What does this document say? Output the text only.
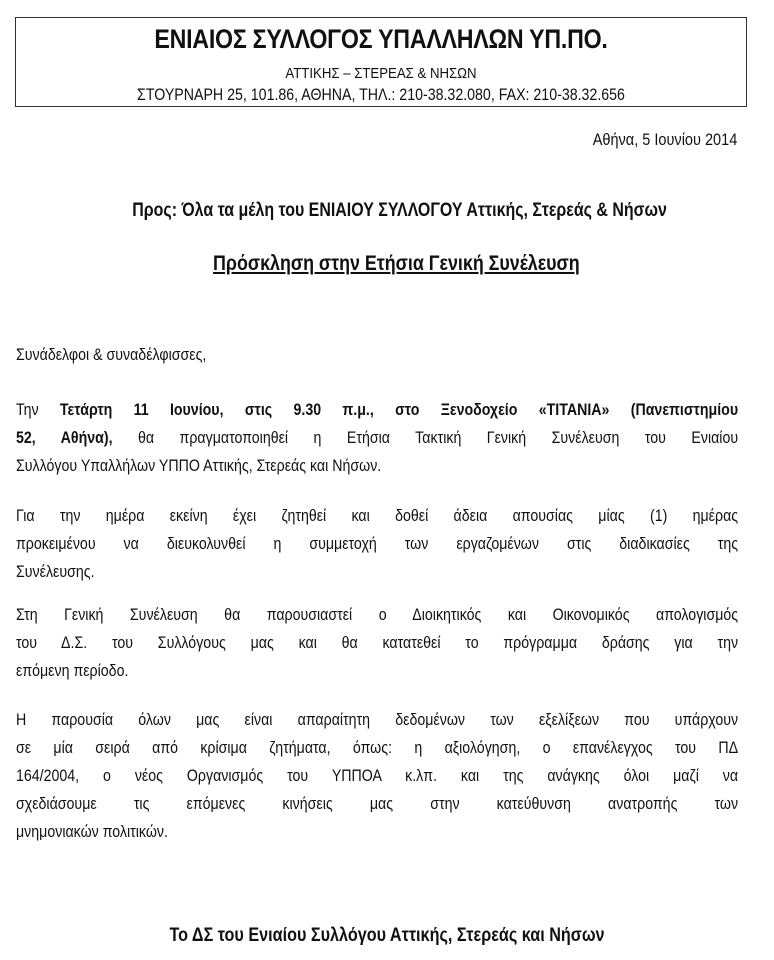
ΕΝΙΑΙΟΣ ΣΥΛΛΟΓΟΣ ΥΠΑΛΛΗΛΩΝ ΥΠ.ΠΟ.
ΑΤΤΙΚΗΣ – ΣΤΕΡΕΑΣ & ΝΗΣΩΝ
ΣΤΟΥΡΝΑΡΗ 25, 101.86, ΑΘΗΝΑ, ΤΗΛ.: 210-38.32.080, FAX: 210-38.32.656
Αθήνα, 5 Ιουνίου 2014
Προς: Όλα τα μέλη του ΕΝΙΑΙΟΥ ΣΥΛΛΟΓΟΥ Αττικής, Στερεάς & Νήσων
Πρόσκληση στην Ετήσια Γενική Συνέλευση
Συνάδελφοι & συναδέλφισσες,
Την Τετάρτη 11 Ιουνίου, στις 9.30 π.μ., στο Ξενοδοχείο «TITANIA» (Πανεπιστημίου
52, Αθήνα), θα πραγματοποιηθεί η Ετήσια Τακτική Γενική Συνέλευση του Ενιαίου
Συλλόγου Υπαλλήλων ΥΠΠΟ Αττικής, Στερεάς και Νήσων.
Για την ημέρα εκείνη έχει ζητηθεί και δοθεί άδεια απουσίας μίας (1) ημέρας
προκειμένου να διευκολυνθεί η συμμετοχή των εργαζομένων στις διαδικασίες της
Συνέλευσης.
Στη Γενική Συνέλευση θα παρουσιαστεί ο Διοικητικός και Οικονομικός απολογισμός
του Δ.Σ. του Συλλόγους μας και θα κατατεθεί το πρόγραμμα δράσης για την
επόμενη περίοδο.
Η παρουσία όλων μας είναι απαραίτητη δεδομένων των εξελίξεων που υπάρχουν
σε μία σειρά από κρίσιμα ζητήματα, όπως: η αξιολόγηση, ο επανέλεγχος του ΠΔ
164/2004, ο νέος Οργανισμός του ΥΠΠΟΑ κ.λπ. και της ανάγκης όλοι μαζί να
σχεδιάσουμε τις επόμενες κινήσεις μας στην κατεύθυνση ανατροπής των
μνημονιακών πολιτικών.
Το ΔΣ του Ενιαίου Συλλόγου Αττικής, Στερεάς και Νήσων
